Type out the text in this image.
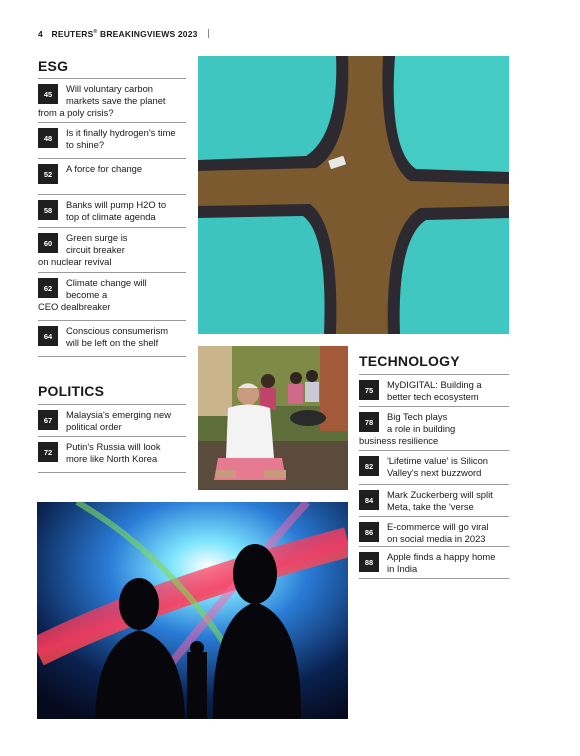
4 REUTERS® BREAKINGVIEWS 2023
ESG
45	Will voluntary carbon
markets save the planet
from a poly crisis?
48	Is it finally hydrogen's time
to shine?
52	A force for change
58	Banks will pump H2O to
top of climate agenda
60	Green surge is
circuit breaker
on nuclear revival
62	Climate change will
become a
CEO dealbreaker
64	Conscious consumerism
will be left on the shelf
POLITICS
67	Malaysia's emerging new
political order
72	Putin's Russia will look
more like North Korea
TECHNOLOGY
75	MyDIGITAL: Building a
better tech ecosystem
78	Big Tech plays
a role in building
business resilience
82	'Lifetime value' is Silicon
Valley's next buzzword
84	Mark Zuckerberg will split
Meta, take the 'verse
86	E-commerce will go viral
on social media in 2023
88	Apple finds a happy home
in India
